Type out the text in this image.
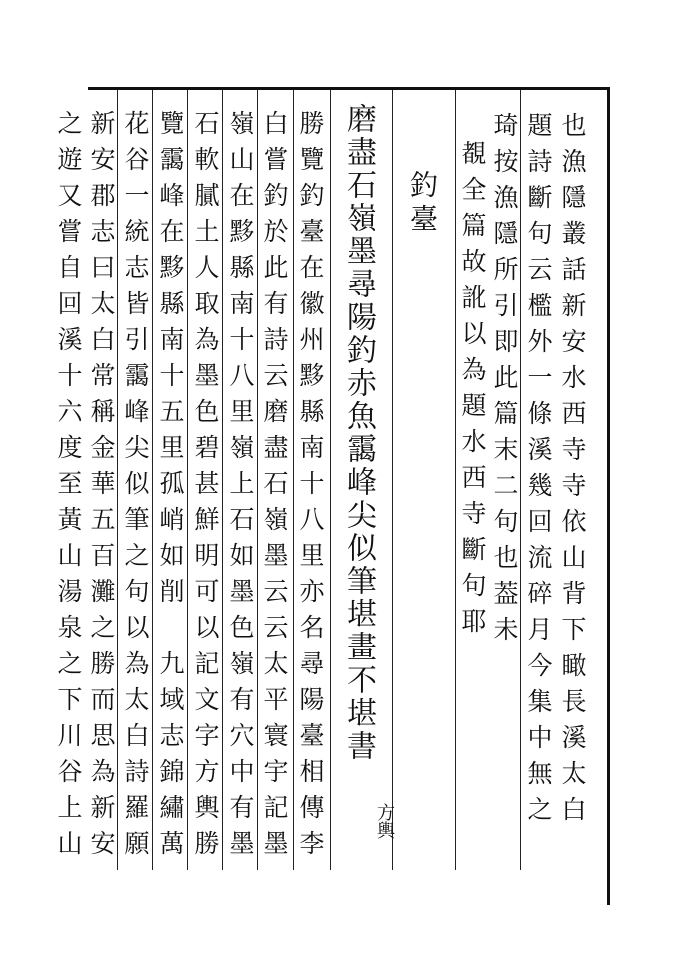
也漁隱叢話新安水西寺寺依山背下瞰長溪太白
題詩斷句云檻外一條溪幾回流碎月今集中無之
琦按漁隱所引即此篇末二句也葢未
覩全篇故訛以為題水西寺斷句耶
釣臺
磨盡石嶺墨尋陽釣赤魚靄峰尖似筆堪畫不堪書
方輿
勝覽釣臺在徽州黟縣南十八里亦名尋陽臺相傳李
白嘗釣於此有詩云磨盡石嶺墨云云太平寰宇記墨
嶺山在黟縣南十八里嶺上石如墨色嶺有穴中有墨
石軟膩土人取為墨色碧甚鮮明可以記文字方輿勝
覽靄峰在黟縣南十五里孤峭如削　九域志錦繡萬
花谷一統志皆引靄峰尖似筆之句以為太白詩羅願
新安郡志曰太白常稱金華五百灘之勝而思為新安
之遊又嘗自回溪十六度至黃山湯泉之下川谷上山
